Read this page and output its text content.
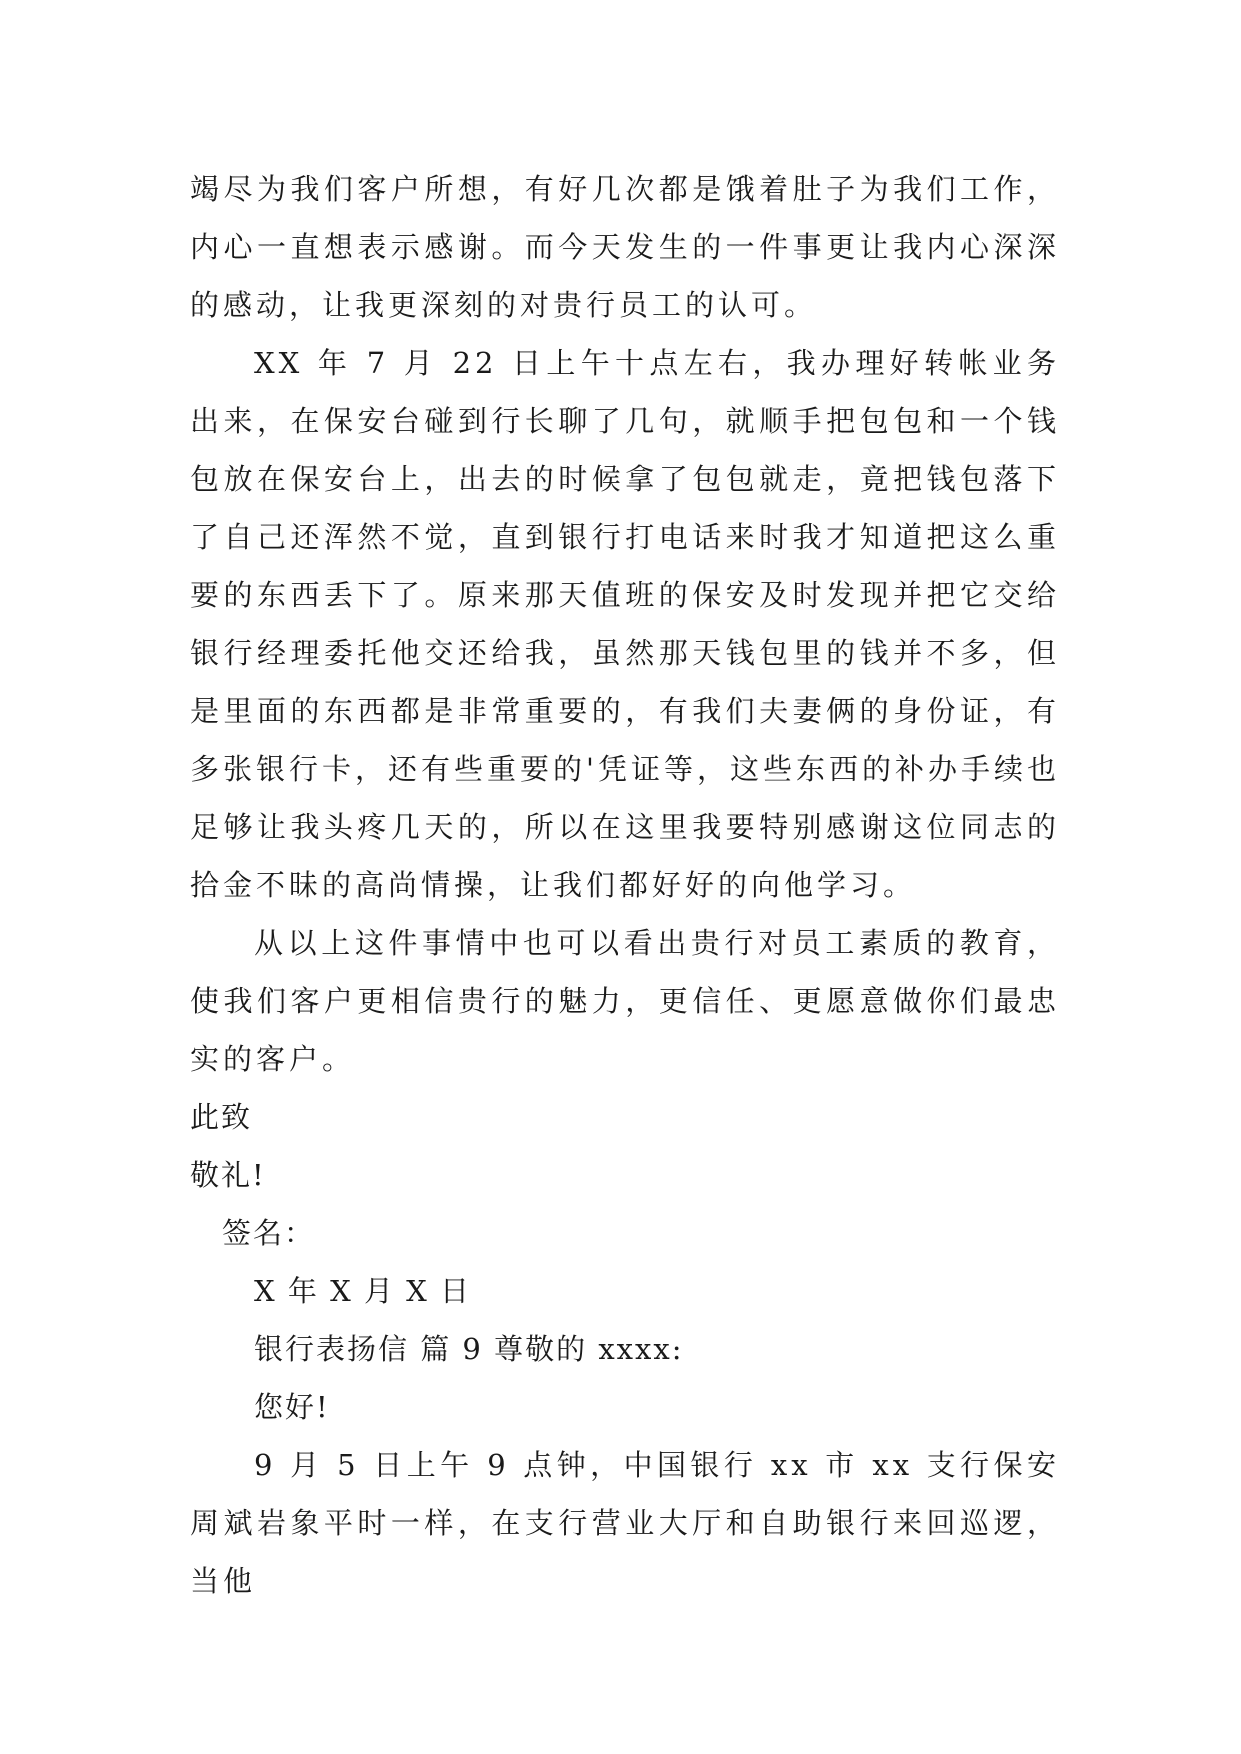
竭尽为我们客户所想，有好几次都是饿着肚子为我们工作，内心一直想表示感谢。而今天发生的一件事更让我内心深深的感动，让我更深刻的对贵行员工的认可。

XX 年 7 月 22 日上午十点左右，我办理好转帐业务出来，在保安台碰到行长聊了几句，就顺手把包包和一个钱包放在保安台上，出去的时候拿了包包就走，竟把钱包落下了自己还浑然不觉，直到银行打电话来时我才知道把这么重要的东西丢下了。原来那天值班的保安及时发现并把它交给银行经理委托他交还给我，虽然那天钱包里的钱并不多，但是里面的东西都是非常重要的，有我们夫妻俩的身份证，有多张银行卡，还有些重要的'凭证等，这些东西的补办手续也足够让我头疼几天的，所以在这里我要特别感谢这位同志的拾金不昧的高尚情操，让我们都好好的向他学习。

从以上这件事情中也可以看出贵行对员工素质的教育，使我们客户更相信贵行的魅力，更信任、更愿意做你们最忠实的客户。

此致

敬礼!

签名：

X 年 X 月 X 日

银行表扬信 篇 9 尊敬的 xxxx:

您好!

9 月 5 日上午 9 点钟，中国银行 xx 市 xx 支行保安周斌岩象平时一样，在支行营业大厅和自助银行来回巡逻，当他
